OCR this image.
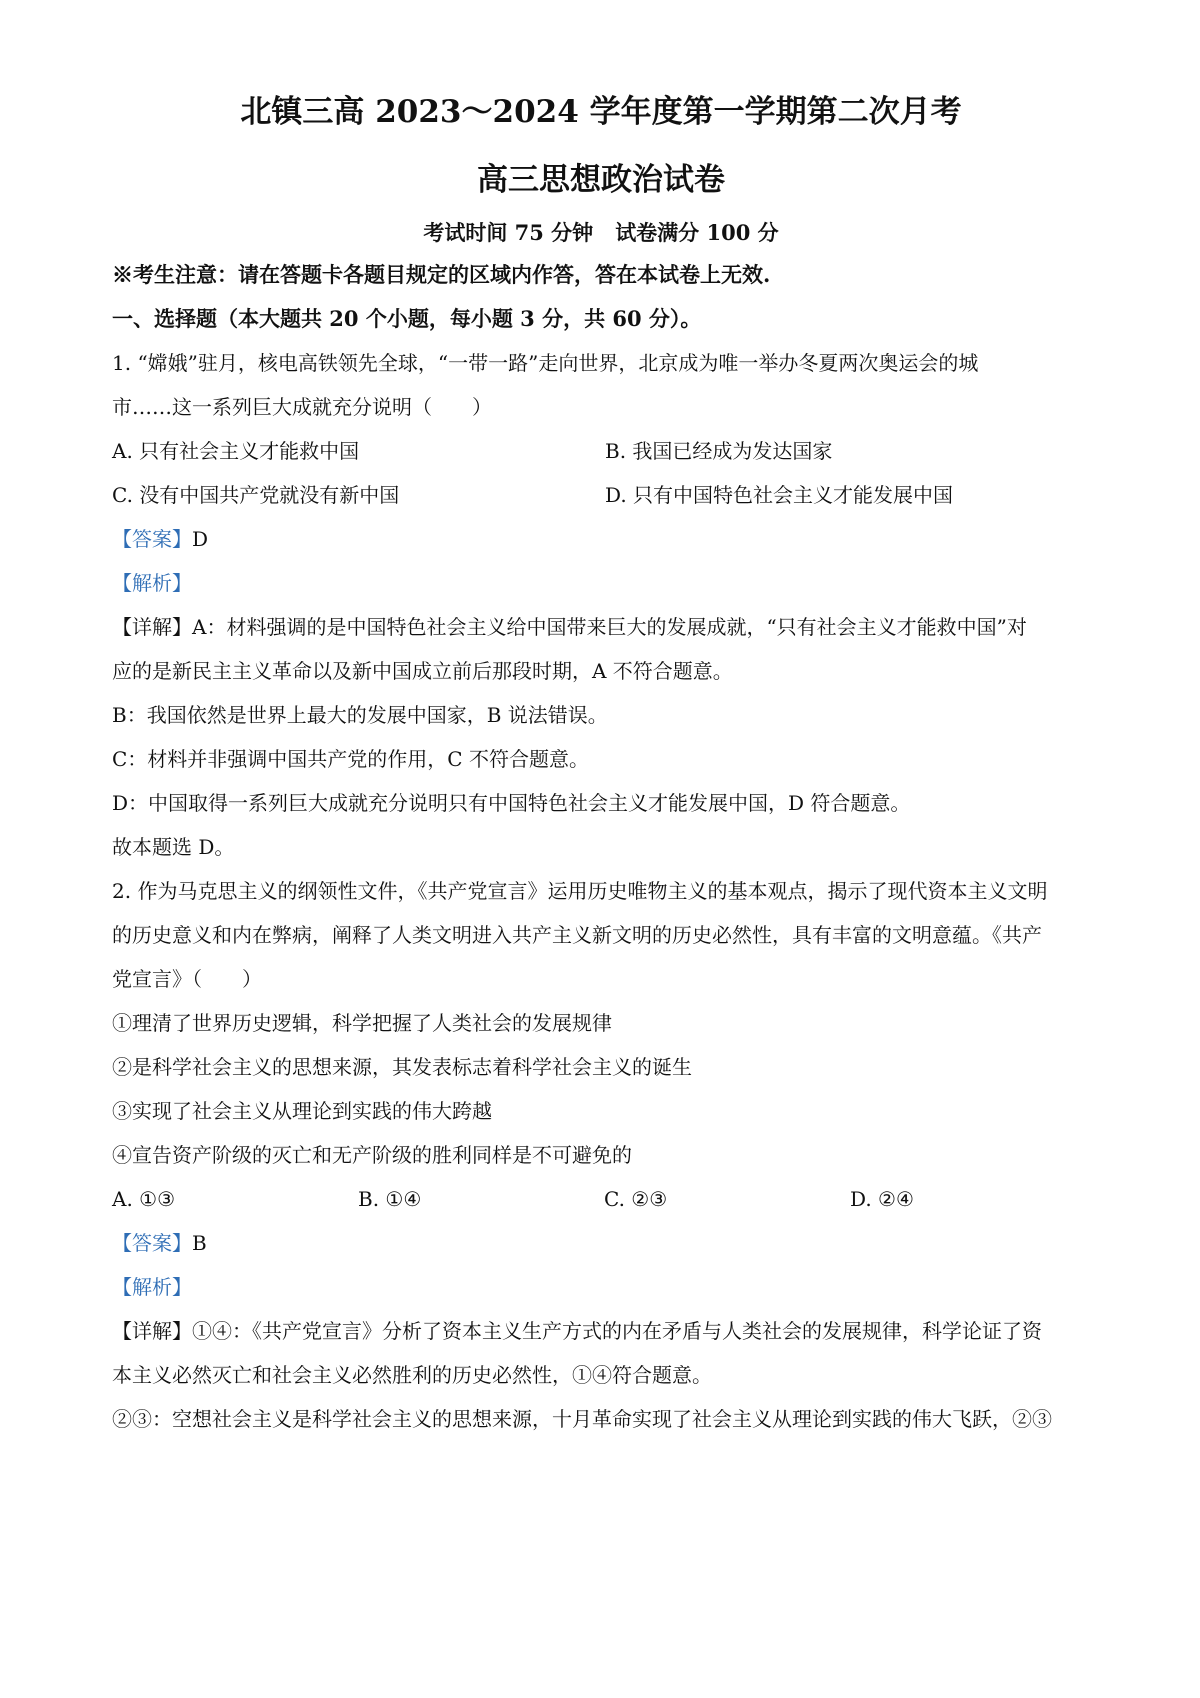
北镇三高 2023～2024 学年度第一学期第二次月考
高三思想政治试卷
考试时间 75 分钟 试卷满分 100 分

※考生注意：请在答题卡各题目规定的区域内作答，答在本试卷上无效.

一、选择题（本大题共 20 个小题，每小题 3 分，共 60 分）。

1. “嫦娥”驻月，核电高铁领先全球，“一带一路”走向世界，北京成为唯一举办冬夏两次奥运会的城

市……这一系列巨大成就充分说明（　　）

A. 只有社会主义才能救中国	B. 我国已经成为发达国家
C. 没有中国共产党就没有新中国	D. 只有中国特色社会主义才能发展中国

【答案】D

【解析】

【详解】A：材料强调的是中国特色社会主义给中国带来巨大的发展成就，“只有社会主义才能救中国”对

应的是新民主主义革命以及新中国成立前后那段时期，A 不符合题意。

B：我国依然是世界上最大的发展中国家，B 说法错误。

C：材料并非强调中国共产党的作用，C 不符合题意。

D：中国取得一系列巨大成就充分说明只有中国特色社会主义才能发展中国，D 符合题意。

故本题选 D。

2. 作为马克思主义的纲领性文件，《共产党宣言》运用历史唯物主义的基本观点，揭示了现代资本主义文明

的历史意义和内在弊病，阐释了人类文明进入共产主义新文明的历史必然性，具有丰富的文明意蕴。《共产

党宣言》（　　）

①理清了世界历史逻辑，科学把握了人类社会的发展规律

②是科学社会主义的思想来源，其发表标志着科学社会主义的诞生

③实现了社会主义从理论到实践的伟大跨越

④宣告资产阶级的灭亡和无产阶级的胜利同样是不可避免的

A. ①③	B. ①④	C. ②③	D. ②④

【答案】B

【解析】

【详解】①④：《共产党宣言》分析了资本主义生产方式的内在矛盾与人类社会的发展规律，科学论证了资

本主义必然灭亡和社会主义必然胜利的历史必然性，①④符合题意。

②③：空想社会主义是科学社会主义的思想来源，十月革命实现了社会主义从理论到实践的伟大飞跃，②③
